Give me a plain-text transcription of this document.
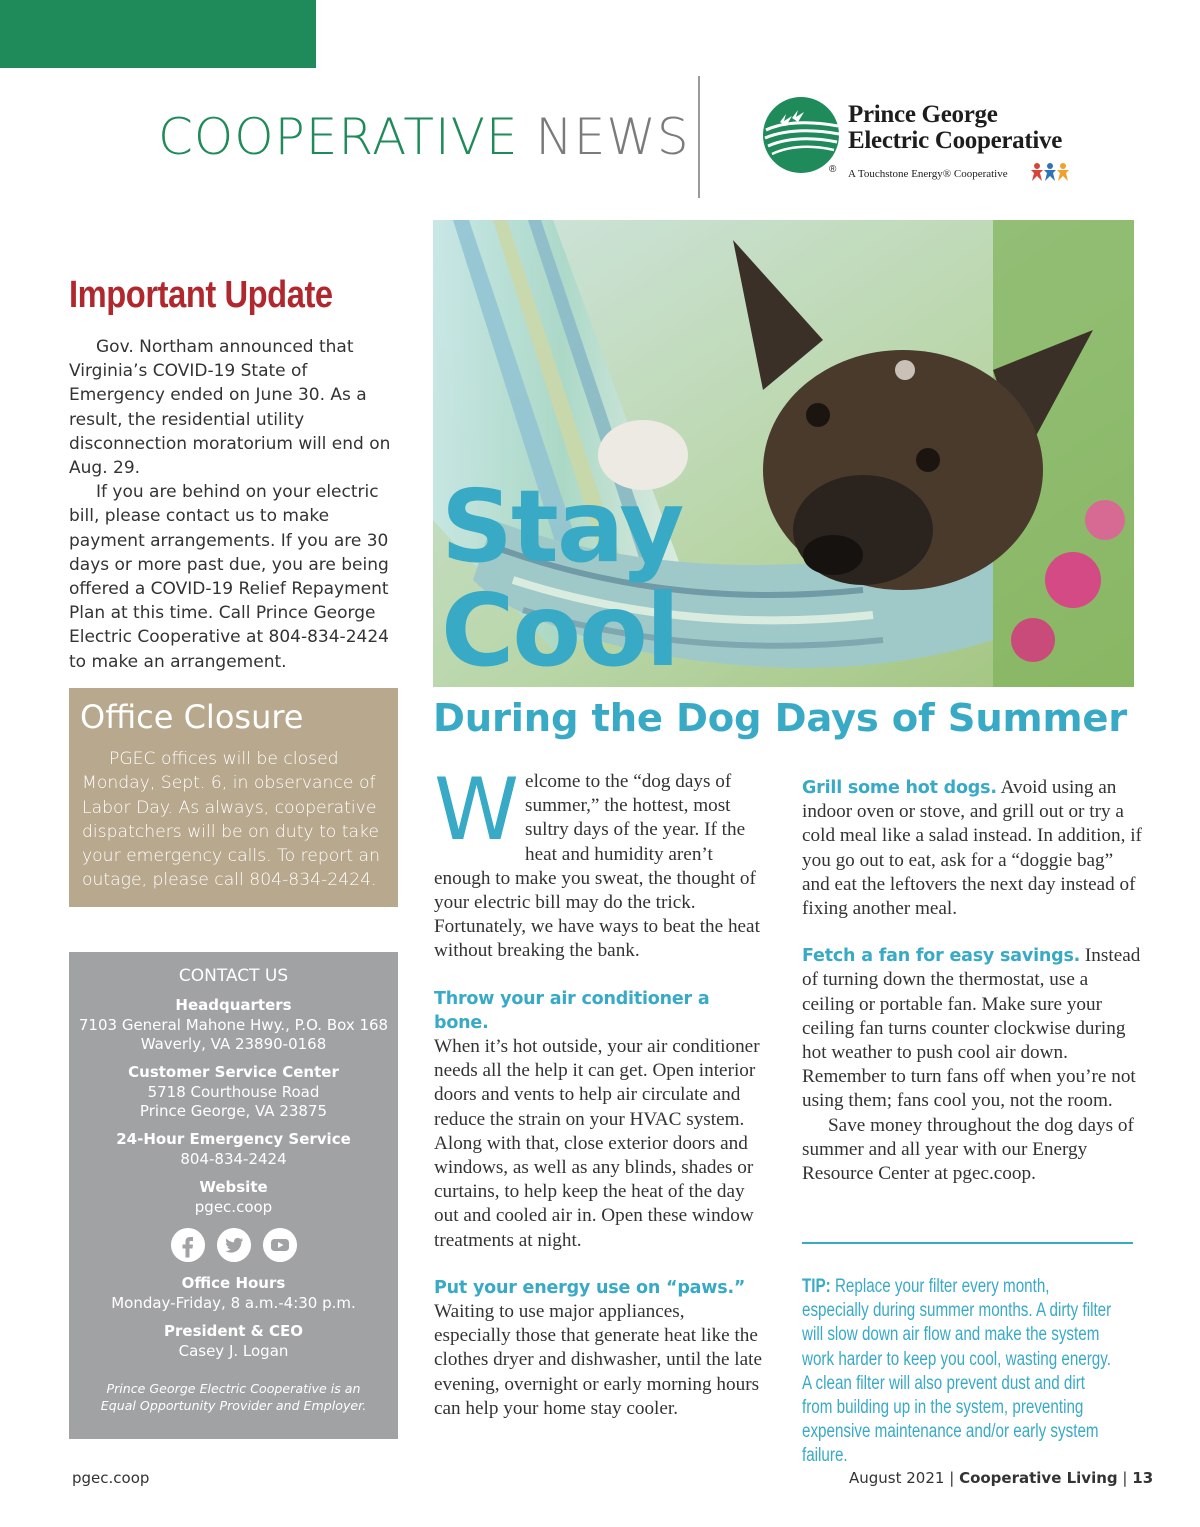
COOPERATIVE NEWS	Prince George
Electric Cooperative
® A Touchstone Energy® Cooperative
Important Update

Gov. Northam announced that Virginia’s COVID-19 State of Emergency ended on June 30. As a result, the residential utility disconnection moratorium will end on Aug. 29.

If you are behind on your electric bill, please contact us to make payment arrangements. If you are 30 days or more past due, you are being offered a COVID-19 Relief Repayment Plan at this time. Call Prince George Electric Cooperative at 804-834-2424 to make an arrangement.

Office Closure

PGEC offices will be closed Monday, Sept. 6, in observance of Labor Day. As always, cooperative dispatchers will be on duty to take your emergency calls. To report an outage, please call 804-834-2424.

CONTACT US
Headquarters
7103 General Mahone Hwy., P.O. Box 168
Waverly, VA 23890-0168
Customer Service Center
5718 Courthouse Road
Prince George, VA 23875
24-Hour Emergency Service
804-834-2424
Website
pgec.coop
Office Hours
Monday-Friday, 8 a.m.-4:30 p.m.
President & CEO
Casey J. Logan
Prince George Electric Cooperative is an
Equal Opportunity Provider and Employer.
Stay
Cool
During the Dog Days of Summer

Welcome to the “dog days of summer,” the hottest, most sultry days of the year. If the heat and humidity aren’t enough to make you sweat, the thought of your electric bill may do the trick. Fortunately, we have ways to beat the heat without breaking the bank.

Throw your air conditioner a bone.
When it’s hot outside, your air conditioner needs all the help it can get. Open interior doors and vents to help air circulate and reduce the strain on your HVAC system. Along with that, close exterior doors and windows, as well as any blinds, shades or curtains, to help keep the heat of the day out and cooled air in. Open these window treatments at night.

Put your energy use on “paws.”
Waiting to use major appliances, especially those that generate heat like the clothes dryer and dishwasher, until the late evening, overnight or early morning hours can help your home stay cooler.

Grill some hot dogs. Avoid using an indoor oven or stove, and grill out or try a cold meal like a salad instead. In addition, if you go out to eat, ask for a “doggie bag” and eat the leftovers the next day instead of fixing another meal.

Fetch a fan for easy savings. Instead of turning down the thermostat, use a ceiling or portable fan. Make sure your ceiling fan turns counter clockwise during hot weather to push cool air down. Remember to turn fans off when you’re not using them; fans cool you, not the room.

Save money throughout the dog days of summer and all year with our Energy Resource Center at pgec.coop.

TIP: Replace your filter every month, especially during summer months. A dirty filter will slow down air flow and make the system work harder to keep you cool, wasting energy. A clean filter will also prevent dust and dirt from building up in the system, preventing expensive maintenance and/or early system failure.
pgec.coop	August 2021 | Cooperative Living | 13
